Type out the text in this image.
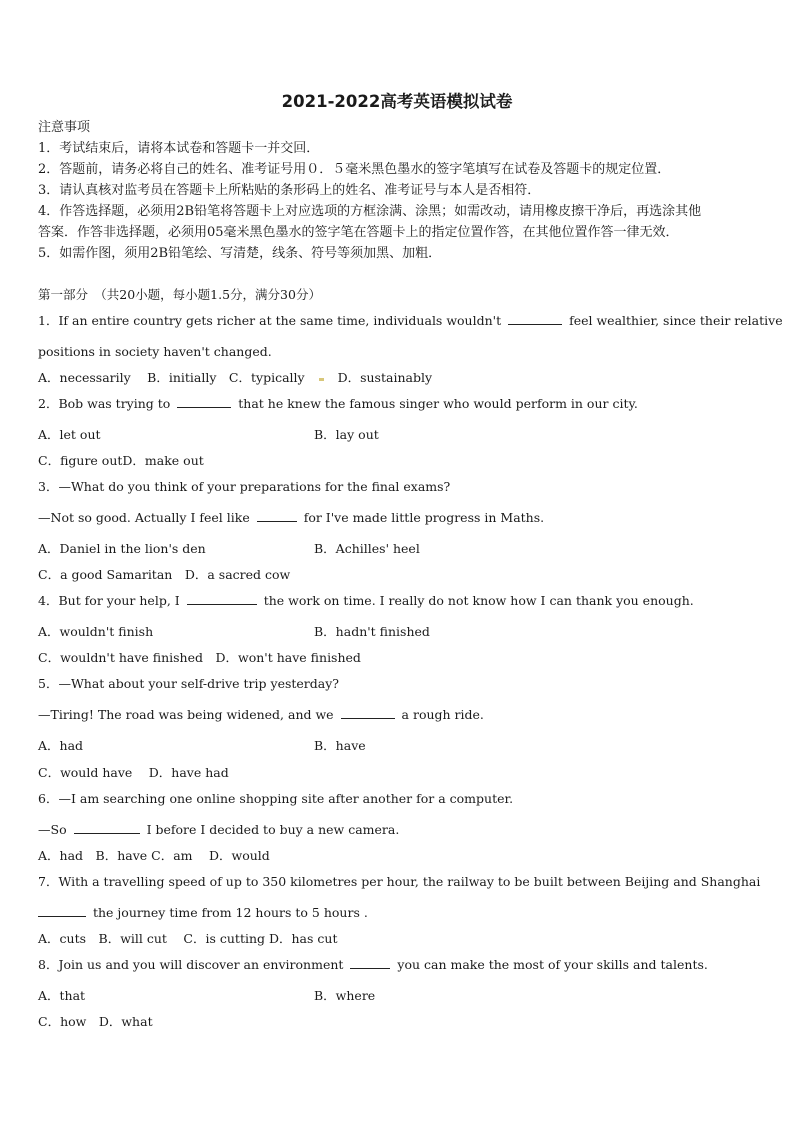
2021-2022高考英语模拟试卷
注意事项
1．考试结束后，请将本试卷和答题卡一并交回．
2．答题前，请务必将自己的姓名、准考证号用０．５毫米黑色墨水的签字笔填写在试卷及答题卡的规定位置．
3．请认真核对监考员在答题卡上所粘贴的条形码上的姓名、准考证号与本人是否相符．
4．作答选择题，必须用2B铅笔将答题卡上对应选项的方框涂满、涂黑；如需改动，请用橡皮擦干净后，再选涂其他
答案．作答非选择题，必须用05毫米黑色墨水的签字笔在答题卡上的指定位置作答，在其他位置作答一律无效．
5．如需作图，须用2B铅笔绘、写清楚，线条、符号等须加黑、加粗．
第一部分　（共20小题，每小题1.5分，满分30分）
1．If an entire country gets richer at the same time, individuals wouldn't	feel wealthier, since their relative
positions in society haven't changed.
A．necessarily　 B．initially　C．typically	D．sustainably
2．Bob was trying to	that he knew the famous singer who would perform in our city.
A．let out	B．lay out
C．figure outD．make out
3．—What do you think of your preparations for the final exams?
—Not so good. Actually I feel like	for I've made little progress in Maths.
A．Daniel in the lion's den	B．Achilles' heel
C．a good Samaritan　D．a sacred cow
4．But for your help, I	the work on time. I really do not know how I can thank you enough.
A．wouldn't finish	B．hadn't finished
C．wouldn't have finished　D．won't have finished
5．—What about your self-drive trip yesterday?
—Tiring! The road was being widened, and we	a rough ride.
A．had	B．have
C．would have　 D．have had
6．—I am searching one online shopping site after another for a computer.
—So	I before I decided to buy a new camera.
A．had　B．have C．am　 D．would
7．With a travelling speed of up to 350 kilometres per hour, the railway to be built between Beijing and Shanghai
the journey time from 12 hours to 5 hours .
A．cuts　B．will cut　 C．is cutting D．has cut
8．Join us and you will discover an environment	you can make the most of your skills and talents.
A．that	B．where
C．how　D．what
